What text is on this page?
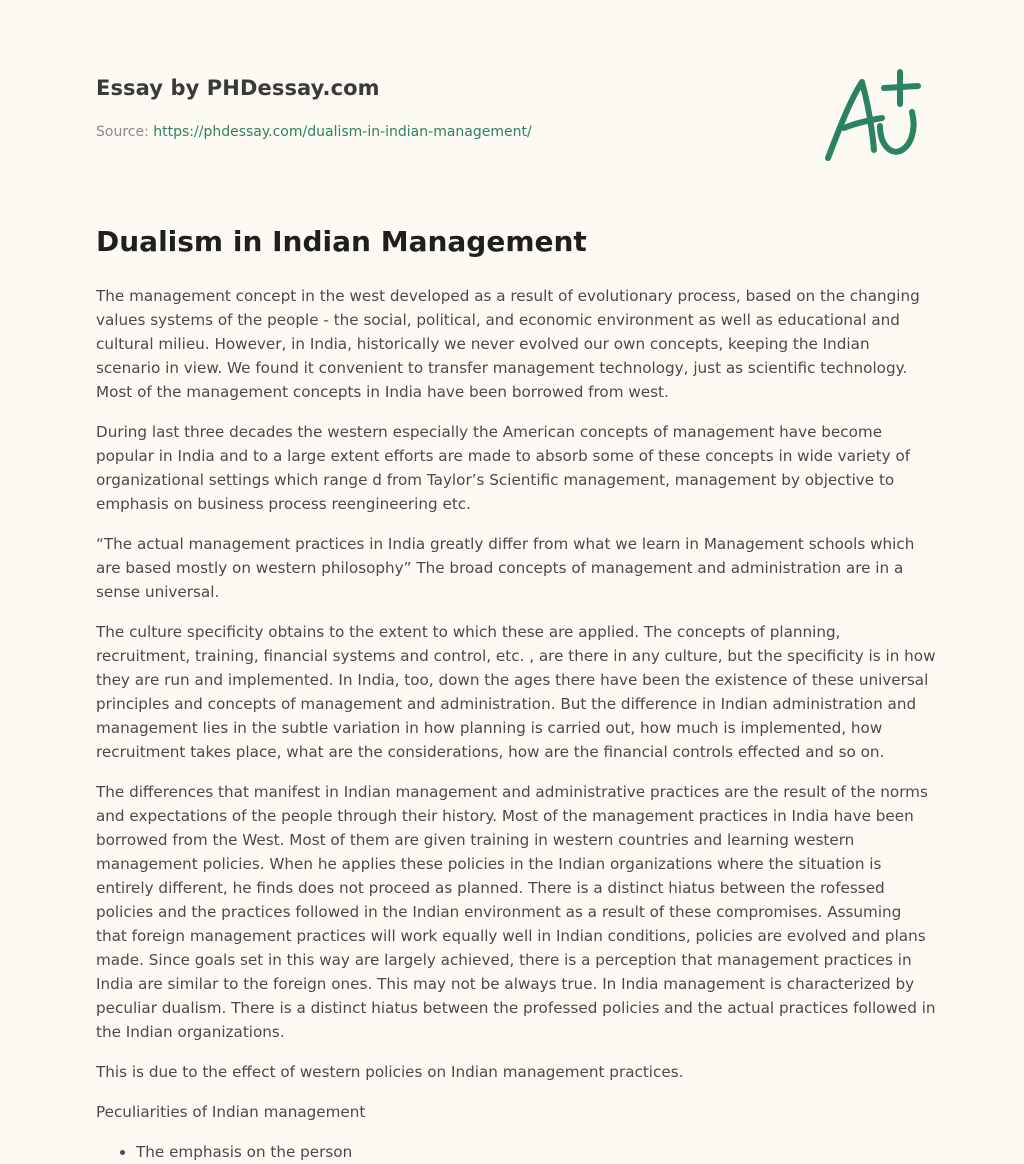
Essay by PHDessay.com

Source: https://phdessay.com/dualism-in-indian-management/

Dualism in Indian Management

The management concept in the west developed as a result of evolutionary process, based on the changing values systems of the people - the social, political, and economic environment as well as educational and cultural milieu. However, in India, historically we never evolved our own concepts, keeping the Indian scenario in view. We found it convenient to transfer management technology, just as scientific technology. Most of the management concepts in India have been borrowed from west.

During last three decades the western especially the American concepts of management have become popular in India and to a large extent efforts are made to absorb some of these concepts in wide variety of organizational settings which range d from Taylor’s Scientific management, management by objective to emphasis on business process reengineering etc.

“The actual management practices in India greatly differ from what we learn in Management schools which are based mostly on western philosophy” The broad concepts of management and administration are in a sense universal.

The culture specificity obtains to the extent to which these are applied. The concepts of planning, recruitment, training, financial systems and control, etc. , are there in any culture, but the specificity is in how they are run and implemented. In India, too, down the ages there have been the existence of these universal principles and concepts of management and administration. But the difference in Indian administration and management lies in the subtle variation in how planning is carried out, how much is implemented, how recruitment takes place, what are the considerations, how are the financial controls effected and so on.

The differences that manifest in Indian management and administrative practices are the result of the norms and expectations of the people through their history. Most of the management practices in India have been borrowed from the West. Most of them are given training in western countries and learning western management policies. When he applies these policies in the Indian organizations where the situation is entirely different, he finds does not proceed as planned. There is a distinct hiatus between the rofessed policies and the practices followed in the Indian environment as a result of these compromises. Assuming that foreign management practices will work equally well in Indian conditions, policies are evolved and plans made. Since goals set in this way are largely achieved, there is a perception that management practices in India are similar to the foreign ones. This may not be always true. In India management is characterized by peculiar dualism. There is a distinct hiatus between the professed policies and the actual practices followed in the Indian organizations.

This is due to the effect of western policies on Indian management practices.

Peculiarities of Indian management

• The emphasis on the person
